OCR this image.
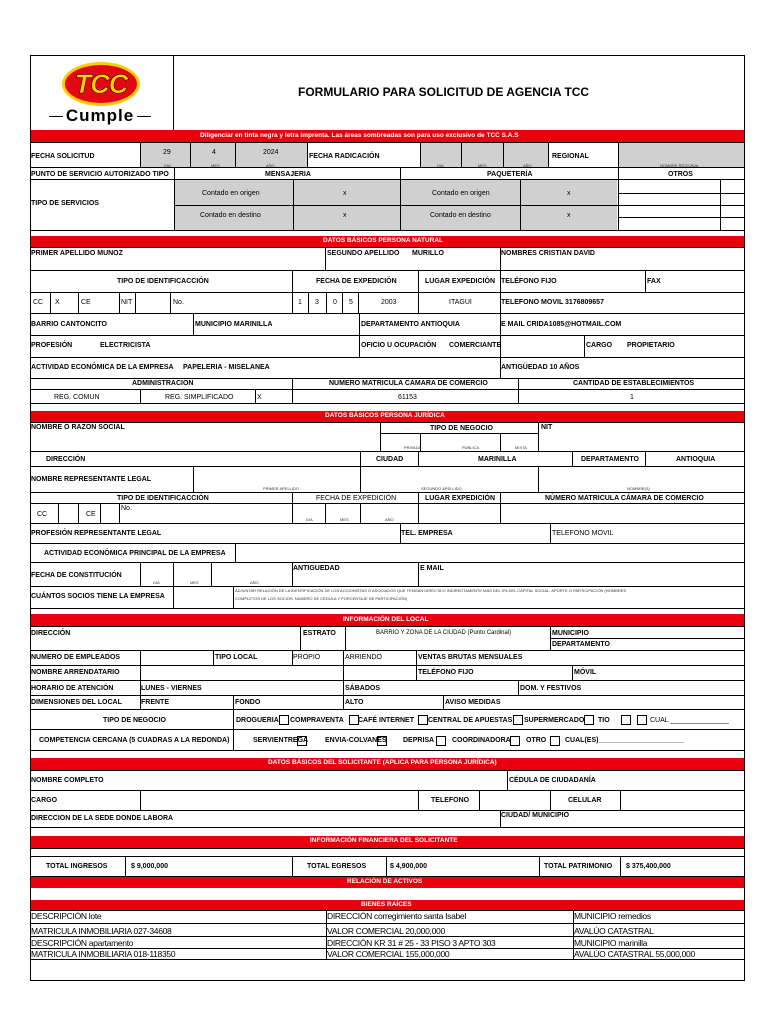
TCC
Cumple
FORMULARIO PARA SOLICITUD DE AGENCIA TCC
Diligenciar en tinta negra y letra imprenta. Las áreas sombreadas son para uso exclusivo de TCC S.A.S
FECHA SOLICITUD
29	4	2024
DIA	MES	AÑO
FECHA RADICACIÓN
DIA	MES	AÑO
REGIONAL
NOMBRE REGIONAL
PUNTO DE SERVICIO AUTORIZADO TIPO	MENSAJERIA	PAQUETERÍA	OTROS
TIPO DE SERVICIOS
Contado en origen	x	Contado en origen	x
Contado en destino	x	Contado en destino	x
DATOS BÁSICOS PERSONA NATURAL
PRIMER APELLIDO MUNOZ	SEGUNDO APELLIDO MURILLO	NOMBRES CRISTIAN DAVID
TIPO DE IDENTIFICACCIÓN	FECHA DE EXPEDICIÓN	LUGAR EXPEDICIÓN TELÉFONO FIJO	FAX
CC X	CE	NIT	No.	1 3 0 5	2003	ITAGUI	TELEFONO MOVIL 3176809657
BARRIO CANTONCITO	MUNICIPIO MARINILLA	DEPARTAMENTO ANTIOQUIA	E MAIL CRIDA1085@HOTMAIL.COM
PROFESIÓN	ELECTRICISTA	OFICIO U OCUPACIÓN COMERCIANTE	CARGO PROPIETARIO
ACTIVIDAD ECONÓMICA DE LA EMPRESA PAPELERIA - MISELANEA	ANTIGÜEDAD 10 AÑOS
ADMINISTRACION	NUMERO MATRICULA CAMARA DE COMERCIO	CANTIDAD DE ESTABLECIMIENTOS
REG. COMUN	REG. SIMPLIFICADO	X	61153	1
DATOS BÁSICOS PERSONA JURÍDICA
NOMBRE O RAZON SOCIAL	TIPO DE NEGOCIO	NIT
PRIVADA	PÚBLICA	MIXTA
DIRECCIÓN	CIUDAD	MARINILLA	DEPARTAMENTO	ANTIOQUIA
NOMBRE REPRESENTANTE LEGAL
PRIMER APELLIDO	SEGUNDO APELLIDO	NOMBRE(S)
TIPO DE IDENTIFICACCIÓN	FECHA DE EXPEDICIÓN	LUGAR EXPEDICIÓN	NÚMERO MATRICULA CÁMARA DE COMERCIO
CC	CE
No.
DIA	MES	AÑO
PROFESIÓN REPRESENTANTE LEGAL	TEL. EMPRESA	TELEFONO MOVIL
ACTIVIDAD ECONÓMICA PRINCIPAL DE LA EMPRESA
ANTIGUEDAD	E MAIL
FECHA DE CONSTITUCIÓN
DIA	MES	AÑO
CUÁNTOS SOCIOS TIENE LA EMPRESA
ADJUNTAR RELACIÓN DE LA IDENTIFICACIÓN DE LOS ACCIONISTAS O ASOCIADOS QUE TENGAN DIRECTA O INDIRECTAMENTE MÁS DEL 5% DEL CAPITAL SOCIAL, APORTE O PARTICIPACIÓN (NOMBRES
COMPLETOS DE LOS SOCIOS, NÚMERO DE CÉDULA Y PORCENTAJE DE PARTICIPACIÓN)
INFORMACIÓN DEL LOCAL
DIRECCIÓN	ESTRATO	BARRIO Y ZONA DE LA CIUDAD (Punto Cardinal)	MUNICIPIO
DEPARTAMENTO
NUMERO DE EMPLEADOS	TIPO LOCAL	PROPIO	ARRIENDO	VENTAS BRUTAS MENSUALES
NOMBRE ARRENDATARIO	TELÉFONO FIJO	MÓVIL
HORARIO DE ATENCIÓN	LUNES - VIERNES	SÁBADOS	DOM. Y FESTIVOS
DIMENSIONES DEL LOCAL	FRENTE	FONDO	ALTO	AVISO MEDIDAS
TIPO DE NEGOCIO	DROGUERIA COMPRAVENTA CAFÉ INTERNET CENTRAL DE APUESTAS SUPERMERCADO TIO	CUAL _______________
COMPETENCIA CERCANA (5 CUADRAS A LA REDONDA)	SERVIENTREGA ENVIA-COLVANES DEPRISA	COORDINADORA OTRO	CUAL(ES)______________________
DATOS BÁSICOS DEL SOLICITANTE (APLICA PARA PERSONA JURÍDICA)
NOMBRE COMPLETO	CÉDULA DE CIUDADANÍA
CARGO	TELEFONO	CELULAR
DIRECCION DE LA SEDE DONDE LABORA	CIUDAD/ MUNICIPIO
INFORMACIÓN FINANCIERA DEL SOLICITANTE
TOTAL INGRESOS	$ 9,000,000	TOTAL EGRESOS	$ 4,900,000	TOTAL PATRIMONIO $ 375,400,000
RELACIÓN DE ACTIVOS
BIENES RAÍCES
DESCRIPCIÓN lote	DIRECCIÓN corregimiento santa Isabel	MUNICIPIO remedios
MATRICULA INMOBILIARIA 027-34608	VALOR COMERCIAL 20,000,000	AVALÚO CATASTRAL
DESCRIPCIÓN apartamento	DIRECCIÓN KR 31 # 25 - 33 PISO 3 APTO 303	MUNICIPIO marinilla
MATRICULA INMOBILIARIA 018-118350	VALOR COMERCIAL 155,000,000	AVALÚO CATASTRAL 55,000,000
